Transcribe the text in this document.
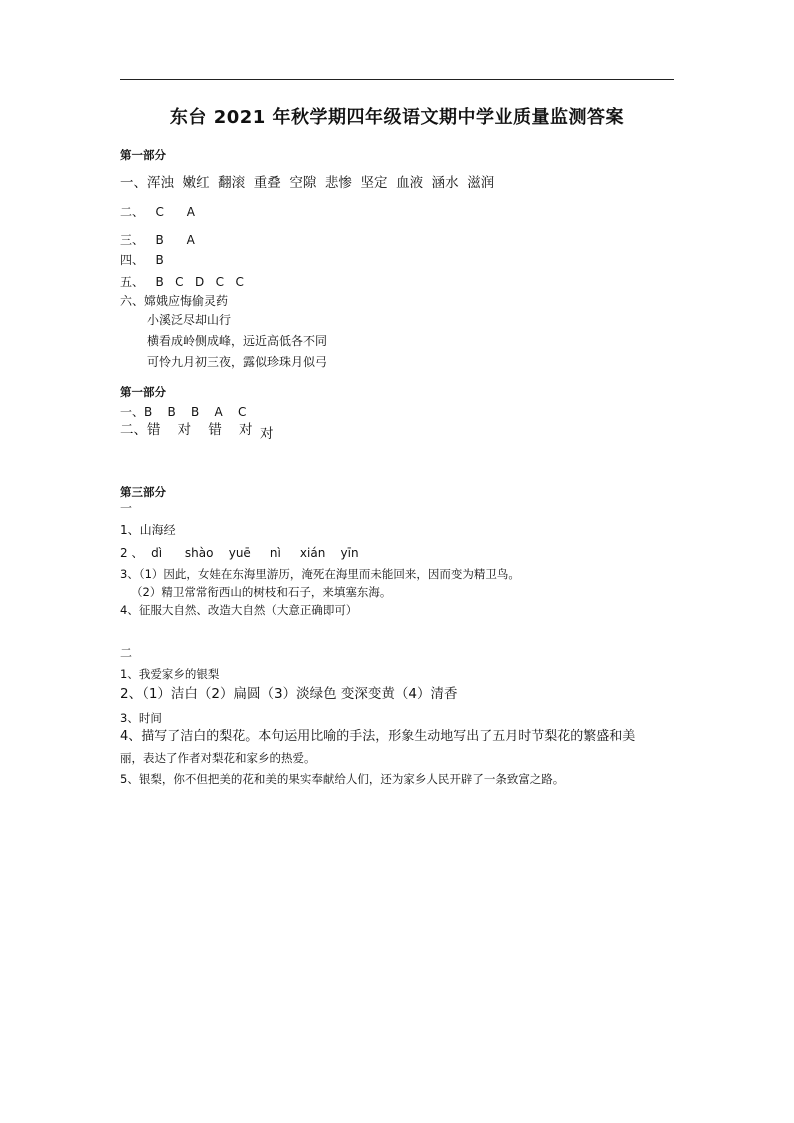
东台 2021 年秋学期四年级语文期中学业质量监测答案
第一部分
一、浑浊  嫩红  翻滚  重叠  空隙  悲惨  坚定  血液  涵水  滋润
二、   C      A
三、   B      A
四、   B
五、   B   C   D   C   C
六、嫦娥应悔偷灵药
小溪泛尽却山行
横看成岭侧成峰，远近高低各不同
可怜九月初三夜，露似珍珠月似弓
第一部分
一、B    B    B    A    C
二、错    对    错    对 对
第三部分
一
1、山海经
2 、  dì      shào    yuē     nì     xián    yīn
3、（1）因此，女娃在东海里游历，淹死在海里而未能回来，因而变为精卫鸟。
（2）精卫常常衔西山的树枝和石子，来填塞东海。
4、征服大自然、改造大自然（大意正确即可）
二
1、我爱家乡的银梨
2、（1）洁白（2）扁圆（3）淡绿色 变深变黄（4）清香
3、时间
4、描写了洁白的梨花。本句运用比喻的手法，形象生动地写出了五月时节梨花的繁盛和美
丽，表达了作者对梨花和家乡的热爱。
5、银梨，你不但把美的花和美的果实奉献给人们，还为家乡人民开辟了一条致富之路。
